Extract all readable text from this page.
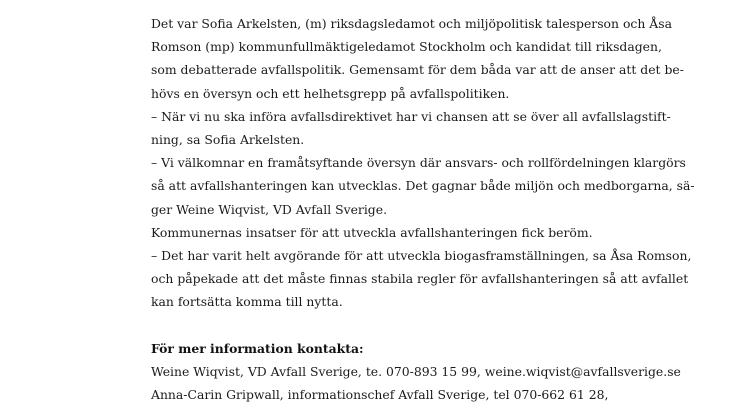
Det var Sofia Arkelsten, (m) riksdagsledamot och miljöpolitisk talesperson och Åsa
Romson (mp) kommunfullmäktigeledamot Stockholm och kandidat till riksdagen,
som debatterade avfallspolitik. Gemensamt för dem båda var att de anser att det be-
hövs en översyn och ett helhetsgrepp på avfallspolitiken.
– När vi nu ska införa avfallsdirektivet har vi chansen att se över all avfallslagstift-
ning, sa Sofia Arkelsten.
– Vi välkomnar en framåtsyftande översyn där ansvars- och rollfördelningen klargörs
så att avfallshanteringen kan utvecklas. Det gagnar både miljön och medborgarna, sä-
ger Weine Wiqvist, VD Avfall Sverige.
Kommunernas insatser för att utveckla avfallshanteringen fick beröm.
– Det har varit helt avgörande för att utveckla biogasframställningen, sa Åsa Romson,
och påpekade att det måste finnas stabila regler för avfallshanteringen så att avfallet
kan fortsätta komma till nytta.
För mer information kontakta:
Weine Wiqvist, VD Avfall Sverige, te. 070-893 15 99, weine.wiqvist@avfallsverige.se
Anna-Carin Gripwall, informationschef Avfall Sverige, tel 070-662 61 28,
